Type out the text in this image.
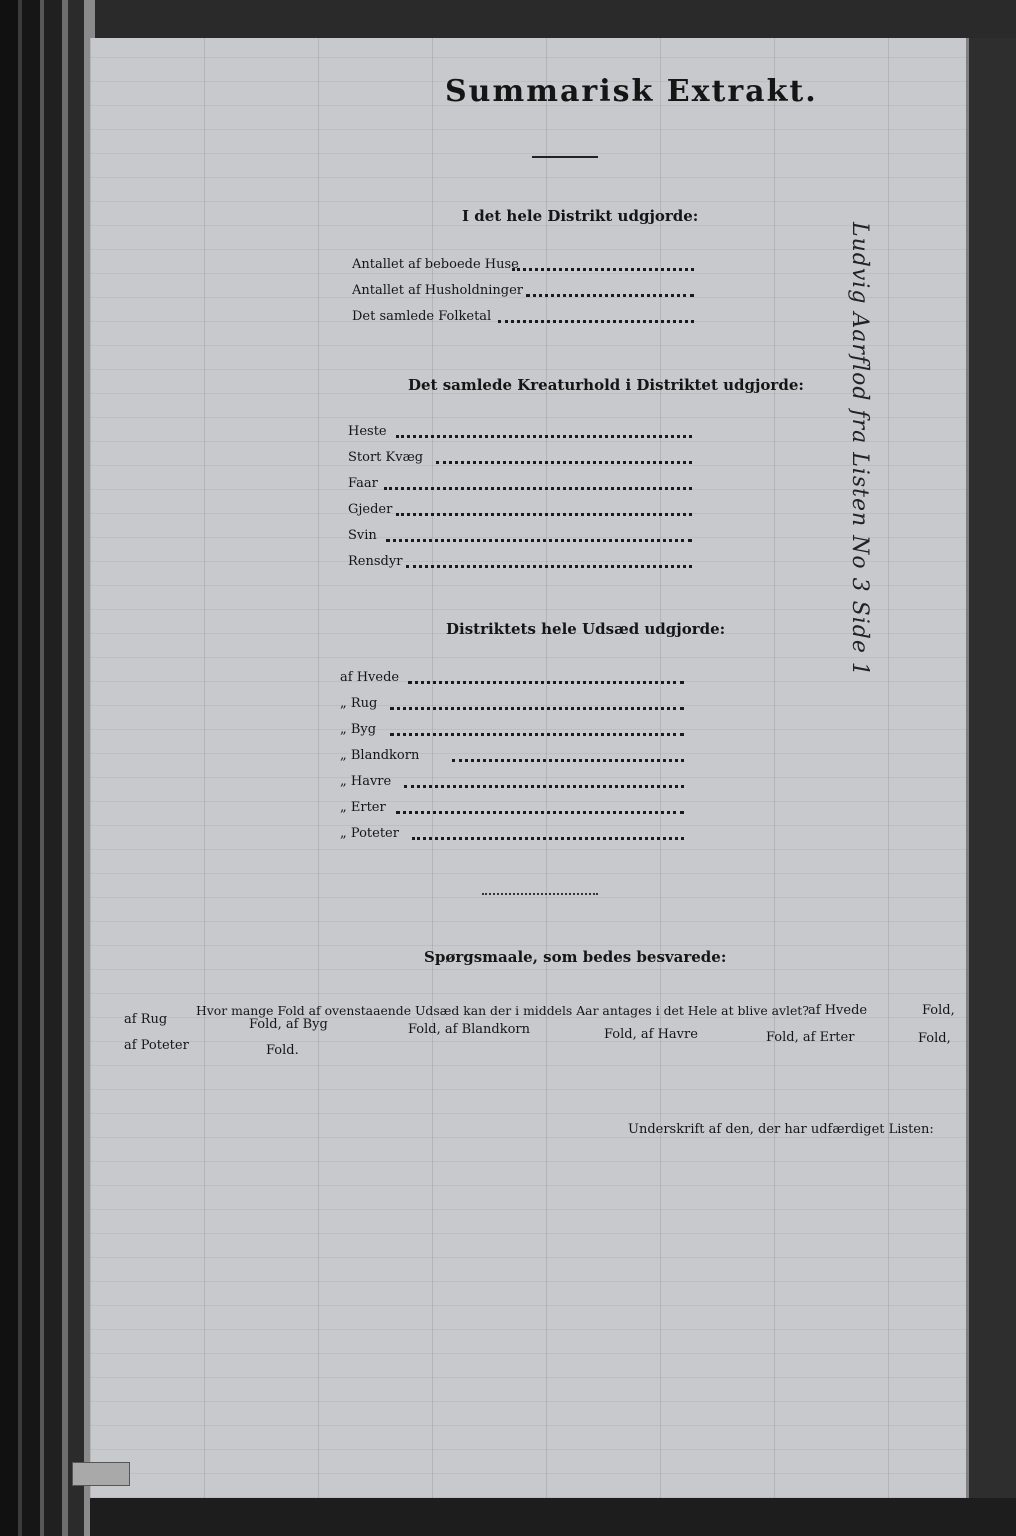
Summarisk Extrakt.
I det hele Distrikt udgjorde:
Antallet af beboede Huse
Antallet af Husholdninger
Det samlede Folketal
Det samlede Kreaturhold i Distriktet udgjorde:
Heste
Stort Kvæg
Faar
Gjeder
Svin
Rensdyr
Distriktets hele Udsæd udgjorde:
af Hvede
„ Rug
„ Byg
„ Blandkorn
„ Havre
„ Erter
„ Poteter
Spørgsmaale, som bedes besvarede:
Hvor mange Fold af ovenstaaende Udsæd kan der i middels Aar antages i det Hele at blive avlet? af Hvede	Fold,
af Rug	Fold, af Byg	Fold, af Blandkorn	Fold, af Havre	Fold, af Erter	Fold,
af Poteter	Fold.
Underskrift af den, der har udfærdiget Listen:
Ludvig Aarflod fra Listen No 3 Side 1
